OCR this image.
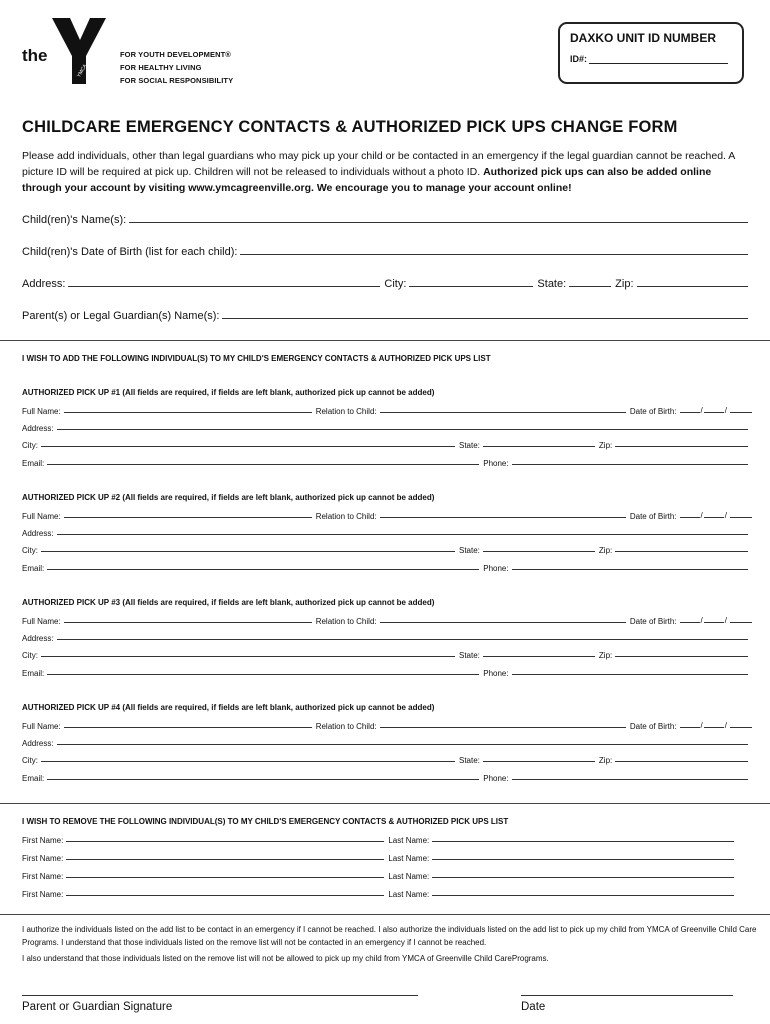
the
YMCA
FOR YOUTH DEVELOPMENT®
FOR HEALTHY LIVING
FOR SOCIAL RESPONSIBILITY
DAXKO UNIT ID NUMBER
ID#:
CHILDCARE EMERGENCY CONTACTS & AUTHORIZED PICK UPS CHANGE FORM
Please add individuals, other than legal guardians who may pick up your child or be contacted in an emergency if the legal guardian cannot be reached. A picture ID will be required at pick up. Children will not be released to individuals without a photo ID. Authorized pick ups can also be added online through your account by visiting www.ymcagreenville.org. We encourage you to manage your account online!
Child(ren)'s Name(s):
Child(ren)'s Date of Birth (list for each child):
Address:	City:	State:	Zip:
Parent(s) or Legal Guardian(s) Name(s):
I WISH TO ADD THE FOLLOWING INDIVIDUAL(S) TO MY CHILD'S EMERGENCY CONTACTS & AUTHORIZED PICK UPS LIST
AUTHORIZED PICK UP #1 (All fields are required, if fields are left blank, authorized pick up cannot be added)
Full Name:	Relation to Child:	Date of Birth:	/	/
Address:
City:	State:	Zip:
Email:	Phone:
AUTHORIZED PICK UP #2 (All fields are required, if fields are left blank, authorized pick up cannot be added)
Full Name:	Relation to Child:	Date of Birth:	/	/
Address:
City:	State:	Zip:
Email:	Phone:
AUTHORIZED PICK UP #3 (All fields are required, if fields are left blank, authorized pick up cannot be added)
Full Name:	Relation to Child:	Date of Birth:	/	/
Address:
City:	State:	Zip:
Email:	Phone:
AUTHORIZED PICK UP #4 (All fields are required, if fields are left blank, authorized pick up cannot be added)
Full Name:	Relation to Child:	Date of Birth:	/	/
Address:
City:	State:	Zip:
Email:	Phone:
I WISH TO REMOVE THE FOLLOWING INDIVIDUAL(S) TO MY CHILD'S EMERGENCY CONTACTS & AUTHORIZED PICK UPS LIST
First Name:	Last Name:
First Name:	Last Name:
First Name:	Last Name:
First Name:	Last Name:
I authorize the individuals listed on the add list to be contact in an emergency if I cannot be reached. I also authorize the individuals listed on the add list to pick up my child from YMCA of Greenville Child Care Programs. I understand that those individuals listed on the remove list will not be contacted in an emergency if I cannot be reached.
I also understand that those individuals listed on the remove list will not be allowed to pick up my child from YMCA of Greenville Child CarePrograms.
Parent or Guardian Signature	Date
